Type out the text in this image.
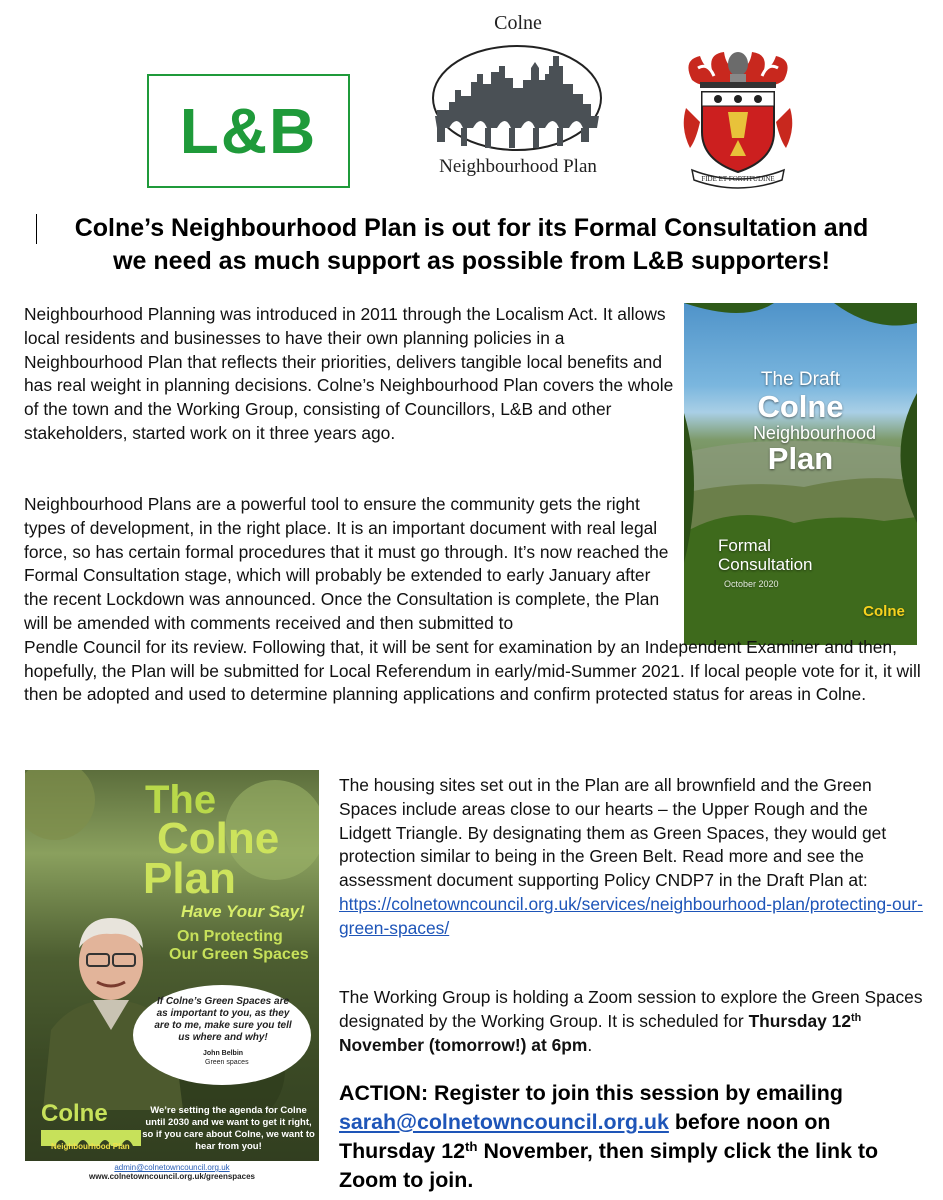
L&B
Colne
Neighbourhood Plan
FIDE ET FORTITUDINE
Colne’s Neighbourhood Plan is out for its Formal Consultation and
we need as much support as possible from L&B supporters!
Neighbourhood Planning was introduced in 2011 through the Localism Act. It allows local residents and businesses to have their own planning policies in a Neighbourhood Plan that reflects their priorities, delivers tangible local benefits and has real weight in planning decisions. Colne’s Neighbourhood Plan covers the whole of the town and the Working Group, consisting of Councillors, L&B and other stakeholders, started work on it three years ago.
The Draft
Colne
Neighbourhood
Plan
Formal
Consultation
October 2020
Colne
Neighbourhood Plans are a powerful tool to ensure the community gets the right types of development, in the right place. It is an important document with real legal force, so has certain formal procedures that it must go through. It’s now reached the Formal Consultation stage, which will probably be extended to early January after the recent Lockdown was announced. Once the Consultation is complete, the Plan will be amended with comments received and then submitted to
Pendle Council for its review. Following that, it will be sent for examination by an Independent Examiner and then, hopefully, the Plan will be submitted for Local Referendum in early/mid-Summer 2021. If local people vote for it, it will then be adopted and used to determine planning applications and confirm protected status for areas in Colne.
The
Colne
Plan
Have Your Say!
On Protecting
Our Green Spaces
If Colne’s Green Spaces are as important to you, as they are to me, make sure you tell us where and why!
John Belbin
Green spaces
Colne
Neighbourhood Plan
We’re setting the agenda for Colne until 2030 and we want to get it right, so if you care about Colne, we want to hear from you!
admin@colnetowncouncil.org.uk
www.colnetowncouncil.org.uk/greenspaces
The housing sites set out in the Plan are all brownfield and the Green Spaces include areas close to our hearts – the Upper Rough and the Lidgett Triangle. By designating them as Green Spaces, they would get protection similar to being in the Green Belt. Read more and see the assessment document supporting Policy CNDP7 in the Draft Plan at: https://colnetowncouncil.org.uk/services/neighbourhood-plan/protecting-our-green-spaces/
The Working Group is holding a Zoom session to explore the Green Spaces designated by the Working Group. It is scheduled for Thursday 12th November (tomorrow!) at 6pm.
ACTION: Register to join this session by emailing
sarah@colnetowncouncil.org.uk before noon on Thursday 12th November, then simply click the link to Zoom to join.
